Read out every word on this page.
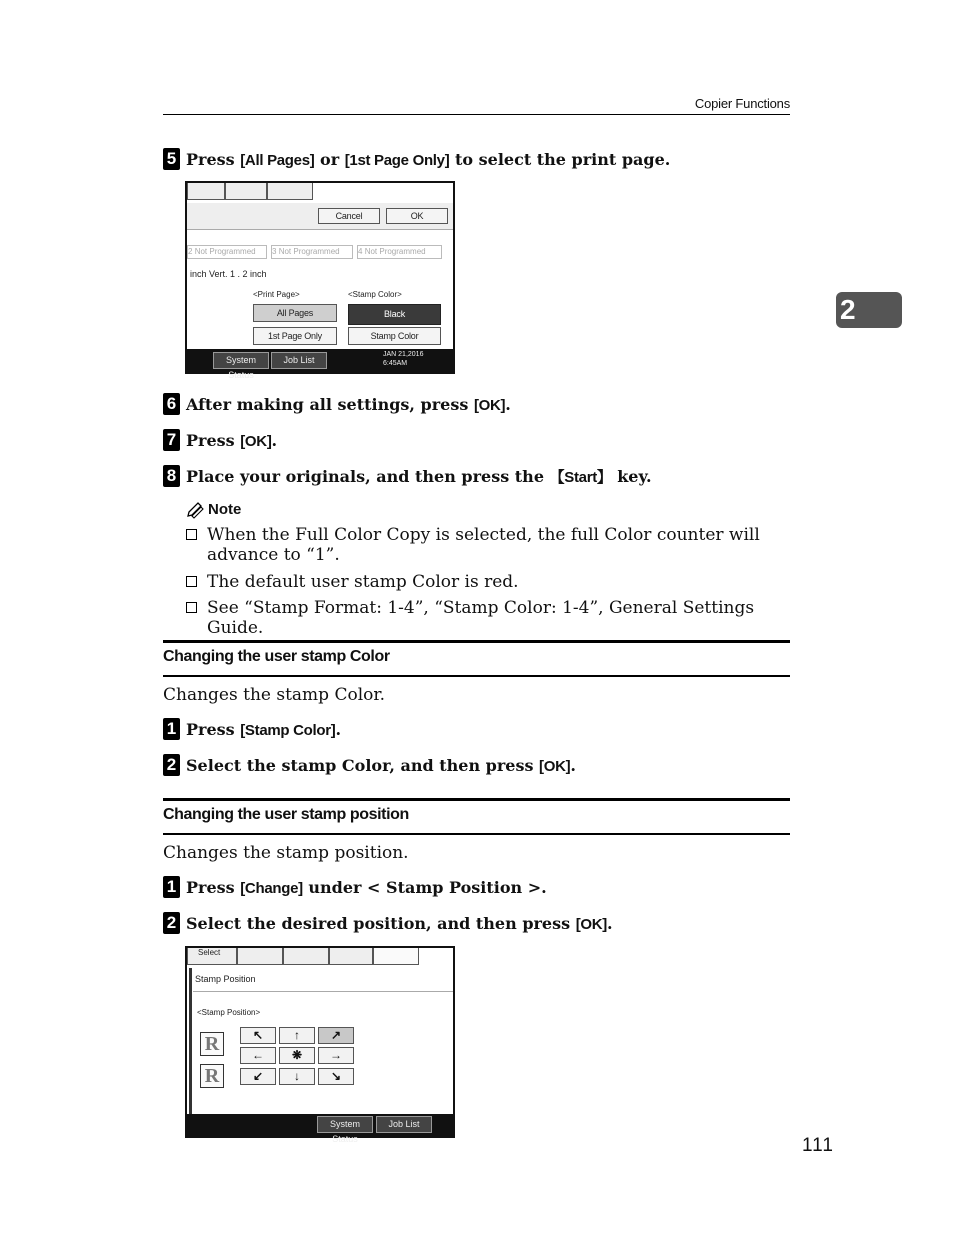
Copier Functions
2
5 Press [All Pages] or [1st Page Only] to select the print page.
Cancel	OK
2 Not Programmed	3 Not Programmed	4 Not Programmed
inch Vert. 1 . 2 inch
<Print Page>	<Stamp Color>
All Pages
1st Page Only
Black
Stamp Color
System Status
Job List
JAN 21,2016
6:45AM
6 After making all settings, press [OK].
7 Press [OK].
8 Place your originals, and then press the 【Start】 key.
Note
When the Full Color Copy is selected, the full Color counter will advance to “1”.
The default user stamp Color is red.
See “Stamp Format: 1-4”, “Stamp Color: 1-4”, General Settings Guide.
Changing the user stamp Color
Changes the stamp Color.
1 Press [Stamp Color].
2 Select the stamp Color, and then press [OK].
Changing the user stamp position
Changes the stamp position.
1 Press [Change] under < Stamp Position >.
2 Select the desired position, and then press [OK].
Select
Stamp Position
<Stamp Position>
R
R
↖	↑	↗
←	❋	→
↙	↓	↘
System Status
Job List
111
